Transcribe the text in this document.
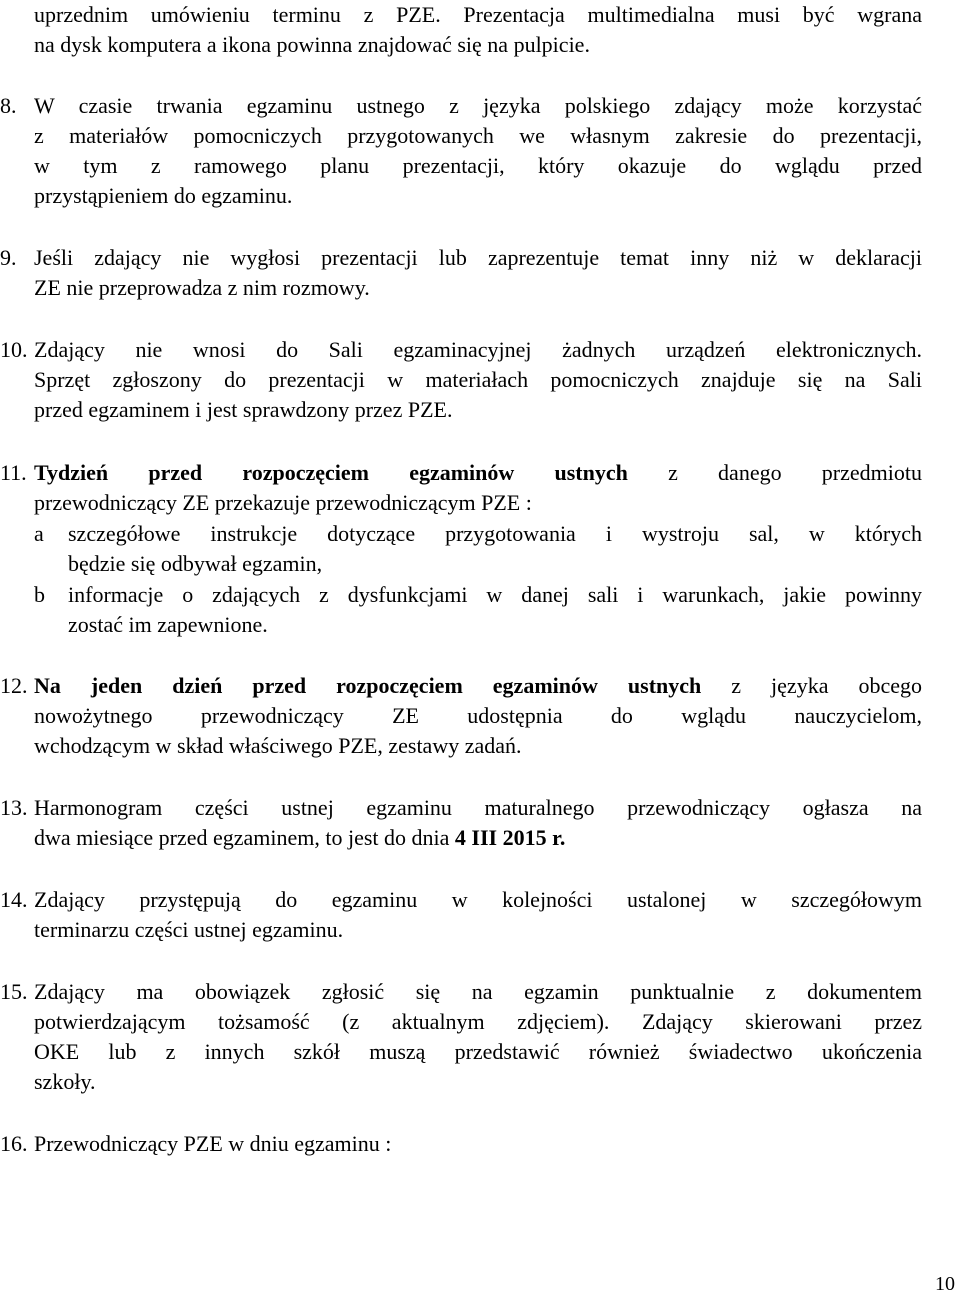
uprzednim umówieniu terminu z PZE. Prezentacja multimedialna musi być wgrana
na dysk komputera a ikona powinna znajdować się na pulpicie.
8. W czasie trwania egzaminu ustnego z języka polskiego zdający może korzystać
z materiałów pomocniczych przygotowanych we własnym zakresie do prezentacji,
w tym z ramowego planu prezentacji, który okazuje do wglądu przed
przystąpieniem do egzaminu.
9. Jeśli zdający nie wygłosi prezentacji lub zaprezentuje temat inny niż w deklaracji
ZE nie przeprowadza z nim rozmowy.
10. Zdający nie wnosi do Sali egzaminacyjnej żadnych urządzeń elektronicznych.
Sprzęt zgłoszony do prezentacji w materiałach pomocniczych znajduje się na Sali
przed egzaminem i jest sprawdzony przez PZE.
11. Tydzień przed rozpoczęciem egzaminów ustnych z danego przedmiotu
przewodniczący ZE przekazuje przewodniczącym PZE :
a szczegółowe instrukcje dotyczące przygotowania i wystroju sal, w których
będzie się odbywał egzamin,
b informacje o zdających z dysfunkcjami w danej sali i warunkach, jakie powinny
zostać im zapewnione.
12. Na jeden dzień przed rozpoczęciem egzaminów ustnych z języka obcego
nowożytnego przewodniczący ZE udostępnia do wglądu nauczycielom,
wchodzącym w skład właściwego PZE, zestawy zadań.
13. Harmonogram części ustnej egzaminu maturalnego przewodniczący ogłasza na
dwa miesiące przed egzaminem, to jest do dnia 4 III 2015 r.
14. Zdający przystępują do egzaminu w kolejności ustalonej w szczegółowym
terminarzu części ustnej egzaminu.
15. Zdający ma obowiązek zgłosić się na egzamin punktualnie z dokumentem
potwierdzającym tożsamość (z aktualnym zdjęciem). Zdający skierowani przez
OKE lub z innych szkół muszą przedstawić również świadectwo ukończenia
szkoły.
16. Przewodniczący PZE w dniu egzaminu :
10
